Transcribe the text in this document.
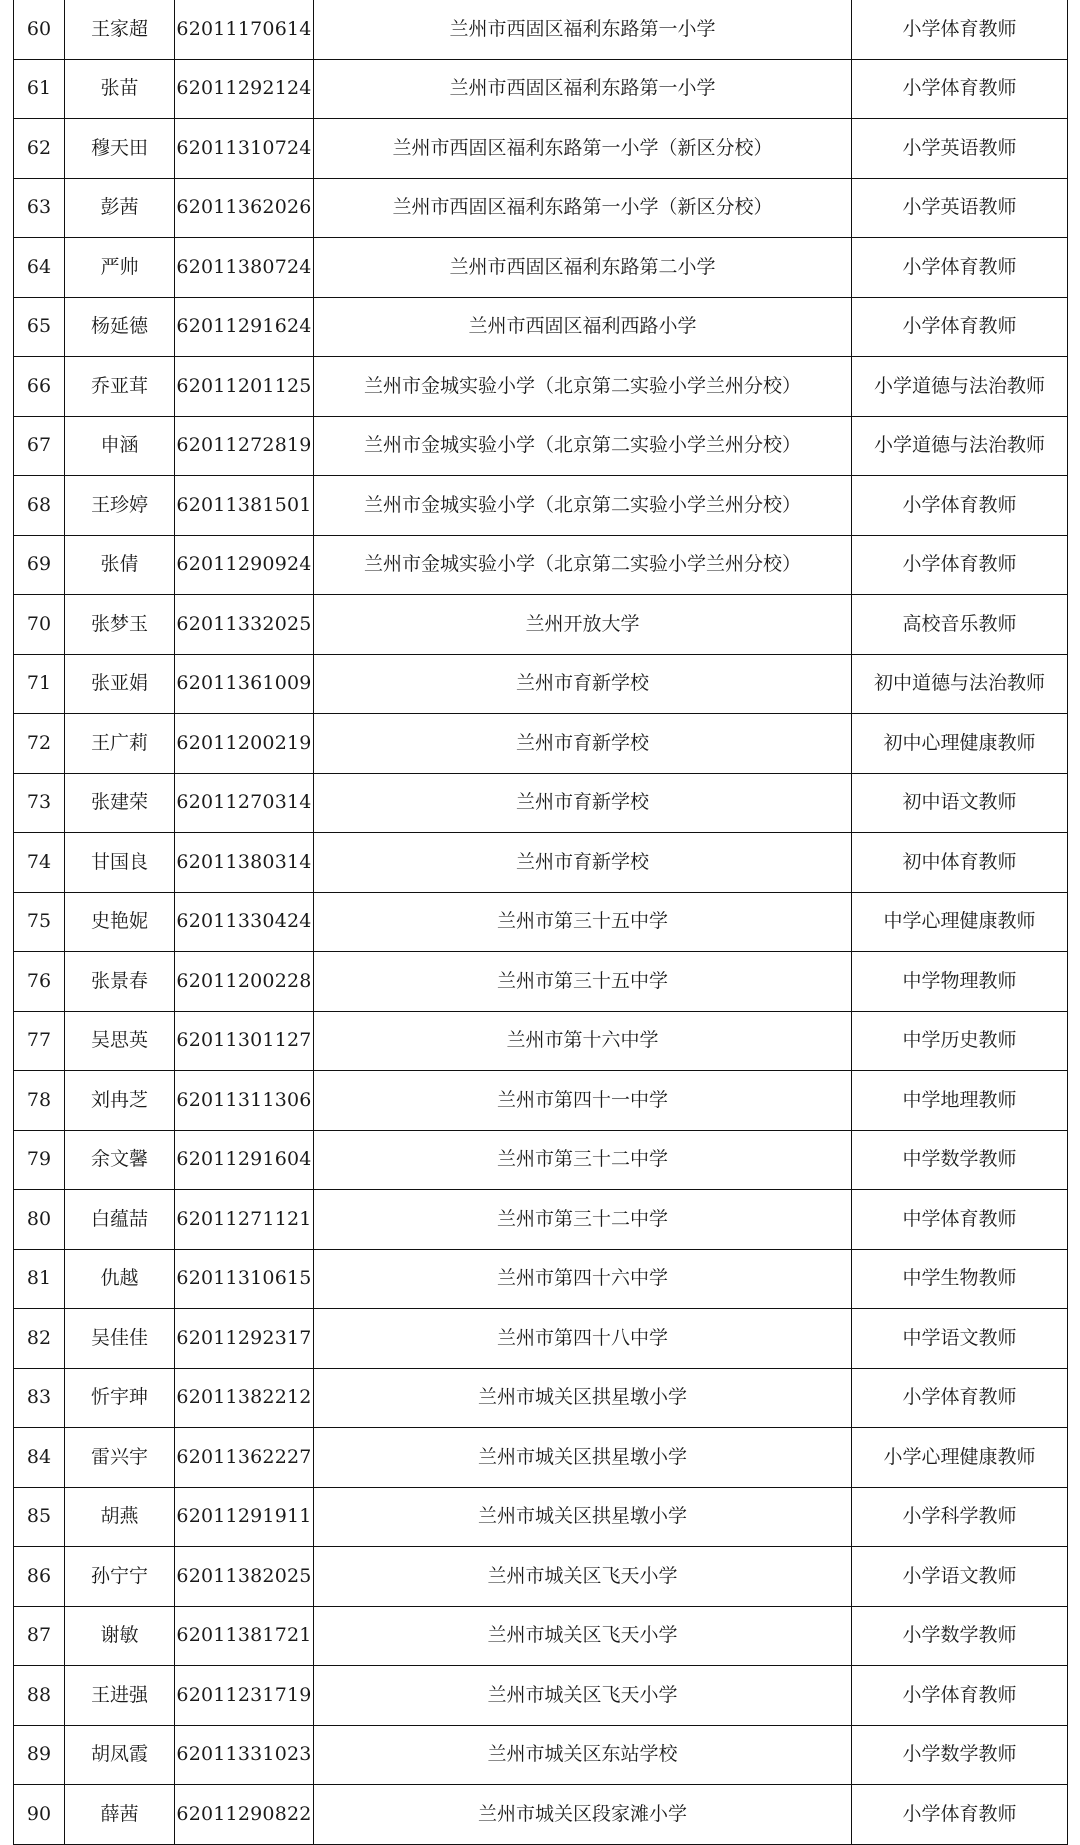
60	王家超	62011170614	兰州市西固区福利东路第一小学	小学体育教师
61	张苗	62011292124	兰州市西固区福利东路第一小学	小学体育教师
62	穆天田	62011310724	兰州市西固区福利东路第一小学（新区分校）	小学英语教师
63	彭茜	62011362026	兰州市西固区福利东路第一小学（新区分校）	小学英语教师
64	严帅	62011380724	兰州市西固区福利东路第二小学	小学体育教师
65	杨延德	62011291624	兰州市西固区福利西路小学	小学体育教师
66	乔亚茸	62011201125	兰州市金城实验小学（北京第二实验小学兰州分校）	小学道德与法治教师
67	申涵	62011272819	兰州市金城实验小学（北京第二实验小学兰州分校）	小学道德与法治教师
68	王珍婷	62011381501	兰州市金城实验小学（北京第二实验小学兰州分校）	小学体育教师
69	张倩	62011290924	兰州市金城实验小学（北京第二实验小学兰州分校）	小学体育教师
70	张梦玉	62011332025	兰州开放大学	高校音乐教师
71	张亚娟	62011361009	兰州市育新学校	初中道德与法治教师
72	王广莉	62011200219	兰州市育新学校	初中心理健康教师
73	张建荣	62011270314	兰州市育新学校	初中语文教师
74	甘国良	62011380314	兰州市育新学校	初中体育教师
75	史艳妮	62011330424	兰州市第三十五中学	中学心理健康教师
76	张景春	62011200228	兰州市第三十五中学	中学物理教师
77	吴思英	62011301127	兰州市第十六中学	中学历史教师
78	刘冉芝	62011311306	兰州市第四十一中学	中学地理教师
79	余文馨	62011291604	兰州市第三十二中学	中学数学教师
80	白蕴喆	62011271121	兰州市第三十二中学	中学体育教师
81	仇越	62011310615	兰州市第四十六中学	中学生物教师
82	吴佳佳	62011292317	兰州市第四十八中学	中学语文教师
83	忻宇珅	62011382212	兰州市城关区拱星墩小学	小学体育教师
84	雷兴宇	62011362227	兰州市城关区拱星墩小学	小学心理健康教师
85	胡燕	62011291911	兰州市城关区拱星墩小学	小学科学教师
86	孙宁宁	62011382025	兰州市城关区飞天小学	小学语文教师
87	谢敏	62011381721	兰州市城关区飞天小学	小学数学教师
88	王进强	62011231719	兰州市城关区飞天小学	小学体育教师
89	胡凤霞	62011331023	兰州市城关区东站学校	小学数学教师
90	薛茜	62011290822	兰州市城关区段家滩小学	小学体育教师
